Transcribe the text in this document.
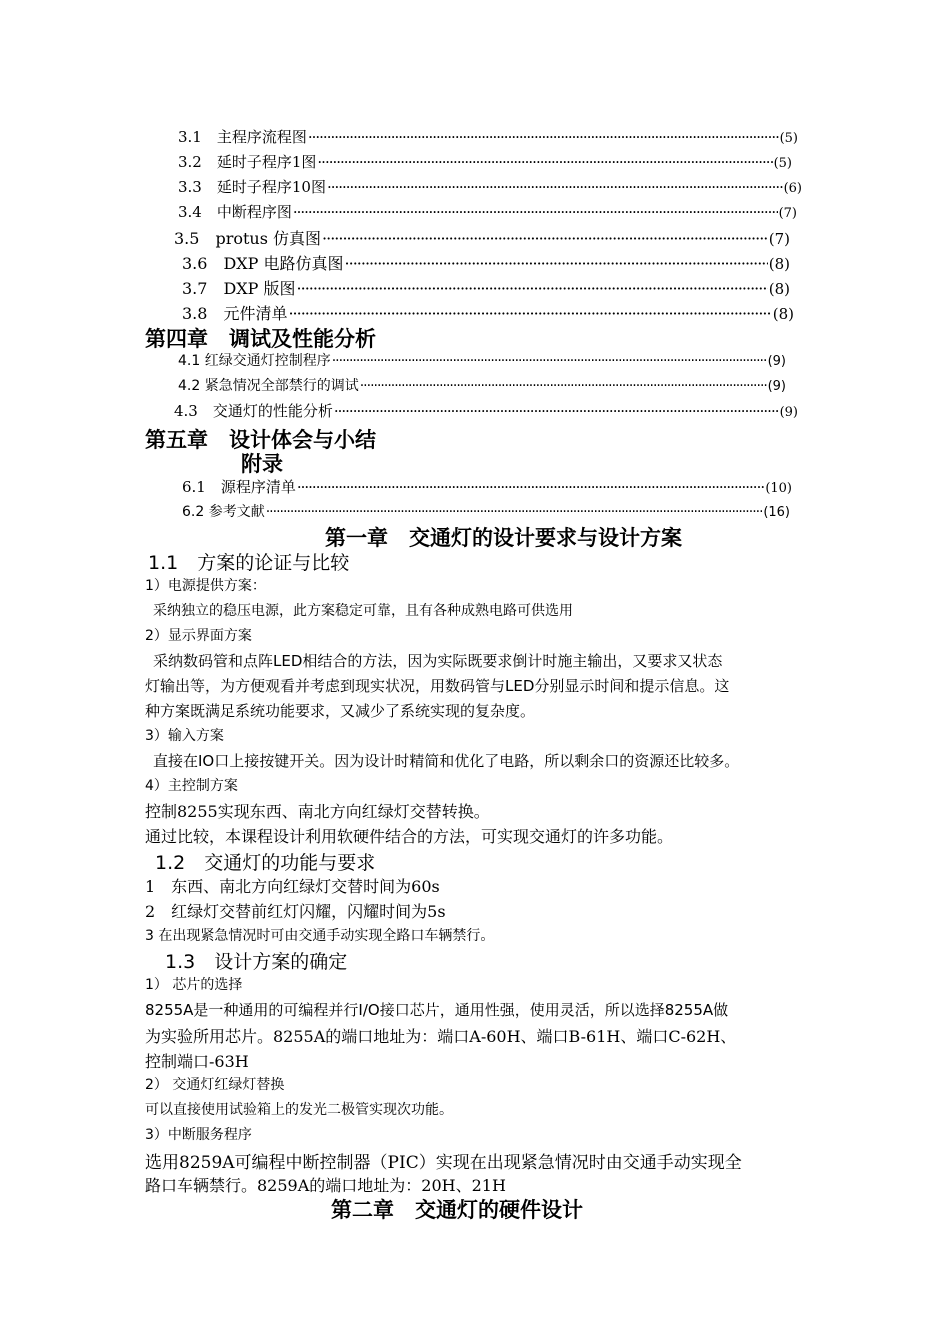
3.1　主程序流程图 ·····	(5)
3.2　延时子程序1图 ·····	(5)
3.3　延时子程序10图 ·····	(6)
3.4　中断程序图 ·····	(7)
3.5　protus 仿真图 ·····	(7)
3.6　DXP 电路仿真图 ·····	(8)
3.7　DXP 版图 ·····	(8)
3.8　元件清单 ·····	(8)
第四章　调试及性能分析
4.1 红绿交通灯控制程序 ·····	(9)
4.2 紧急情况全部禁行的调试 ·····	(9)
4.3　交通灯的性能分析 ·····	(9)
第五章　设计体会与小结
附录
6.1　源程序清单 ·····	(10)
6.2 参考文献 ·····	(16)
第一章　交通灯的设计要求与设计方案
1.1　方案的论证与比较
1）电源提供方案：
采纳独立的稳压电源，此方案稳定可靠，且有各种成熟电路可供选用
2）显示界面方案
采纳数码管和点阵LED相结合的方法，因为实际既要求倒计时施主输出，又要求又状态
灯输出等，为方便观看并考虑到现实状况，用数码管与LED分别显示时间和提示信息。这
种方案既满足系统功能要求，又减少了系统实现的复杂度。
3）输入方案
直接在IO口上接按键开关。因为设计时精简和优化了电路，所以剩余口的资源还比较多。
4）主控制方案
控制8255实现东西、南北方向红绿灯交替转换。
通过比较，本课程设计利用软硬件结合的方法，可实现交通灯的许多功能。
1.2　交通灯的功能与要求
1　东西、南北方向红绿灯交替时间为60s
2　红绿灯交替前红灯闪耀，闪耀时间为5s
3 在出现紧急情况时可由交通手动实现全路口车辆禁行。
1.3　设计方案的确定
1） 芯片的选择
8255A是一种通用的可编程并行I/O接口芯片，通用性强，使用灵活，所以选择8255A做
为实验所用芯片。8255A的端口地址为：端口A-60H、端口B-61H、端口C-62H、
控制端口-63H
2） 交通灯红绿灯替换
可以直接使用试验箱上的发光二极管实现次功能。
3）中断服务程序
选用8259A可编程中断控制器（PIC）实现在出现紧急情况时由交通手动实现全
路口车辆禁行。8259A的端口地址为：20H、21H
第二章　交通灯的硬件设计
